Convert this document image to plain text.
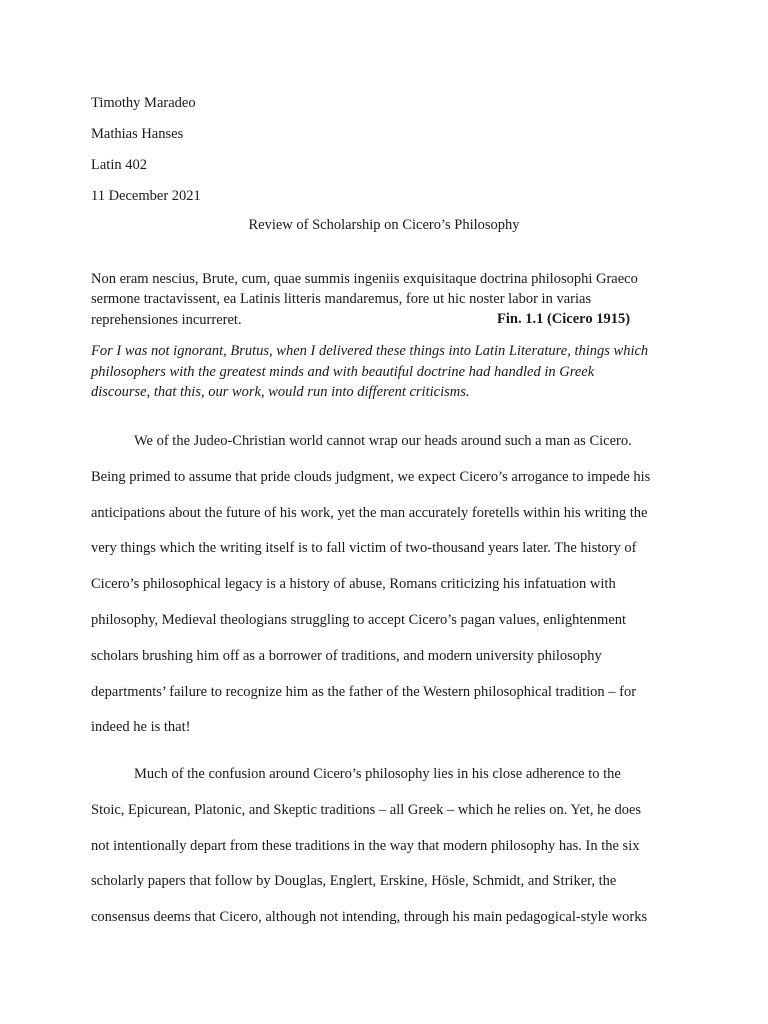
Timothy Maradeo
Mathias Hanses
Latin 402
11 December 2021
Review of Scholarship on Cicero’s Philosophy
Non eram nescius, Brute, cum, quae summis ingeniis exquisitaque doctrina philosophi Graeco
sermone tractavissent, ea Latinis litteris mandaremus, fore ut hic noster labor in varias
reprehensiones incurreret.	Fin. 1.1 (Cicero 1915)
For I was not ignorant, Brutus, when I delivered these things into Latin Literature, things which
philosophers with the greatest minds and with beautiful doctrine had handled in Greek
discourse, that this, our work, would run into different criticisms.
We of the Judeo-Christian world cannot wrap our heads around such a man as Cicero.
Being primed to assume that pride clouds judgment, we expect Cicero’s arrogance to impede his
anticipations about the future of his work, yet the man accurately foretells within his writing the
very things which the writing itself is to fall victim of two-thousand years later. The history of
Cicero’s philosophical legacy is a history of abuse, Romans criticizing his infatuation with
philosophy, Medieval theologians struggling to accept Cicero’s pagan values, enlightenment
scholars brushing him off as a borrower of traditions, and modern university philosophy
departments’ failure to recognize him as the father of the Western philosophical tradition – for
indeed he is that!
Much of the confusion around Cicero’s philosophy lies in his close adherence to the
Stoic, Epicurean, Platonic, and Skeptic traditions – all Greek – which he relies on. Yet, he does
not intentionally depart from these traditions in the way that modern philosophy has. In the six
scholarly papers that follow by Douglas, Englert, Erskine, Hösle, Schmidt, and Striker, the
consensus deems that Cicero, although not intending, through his main pedagogical-style works
